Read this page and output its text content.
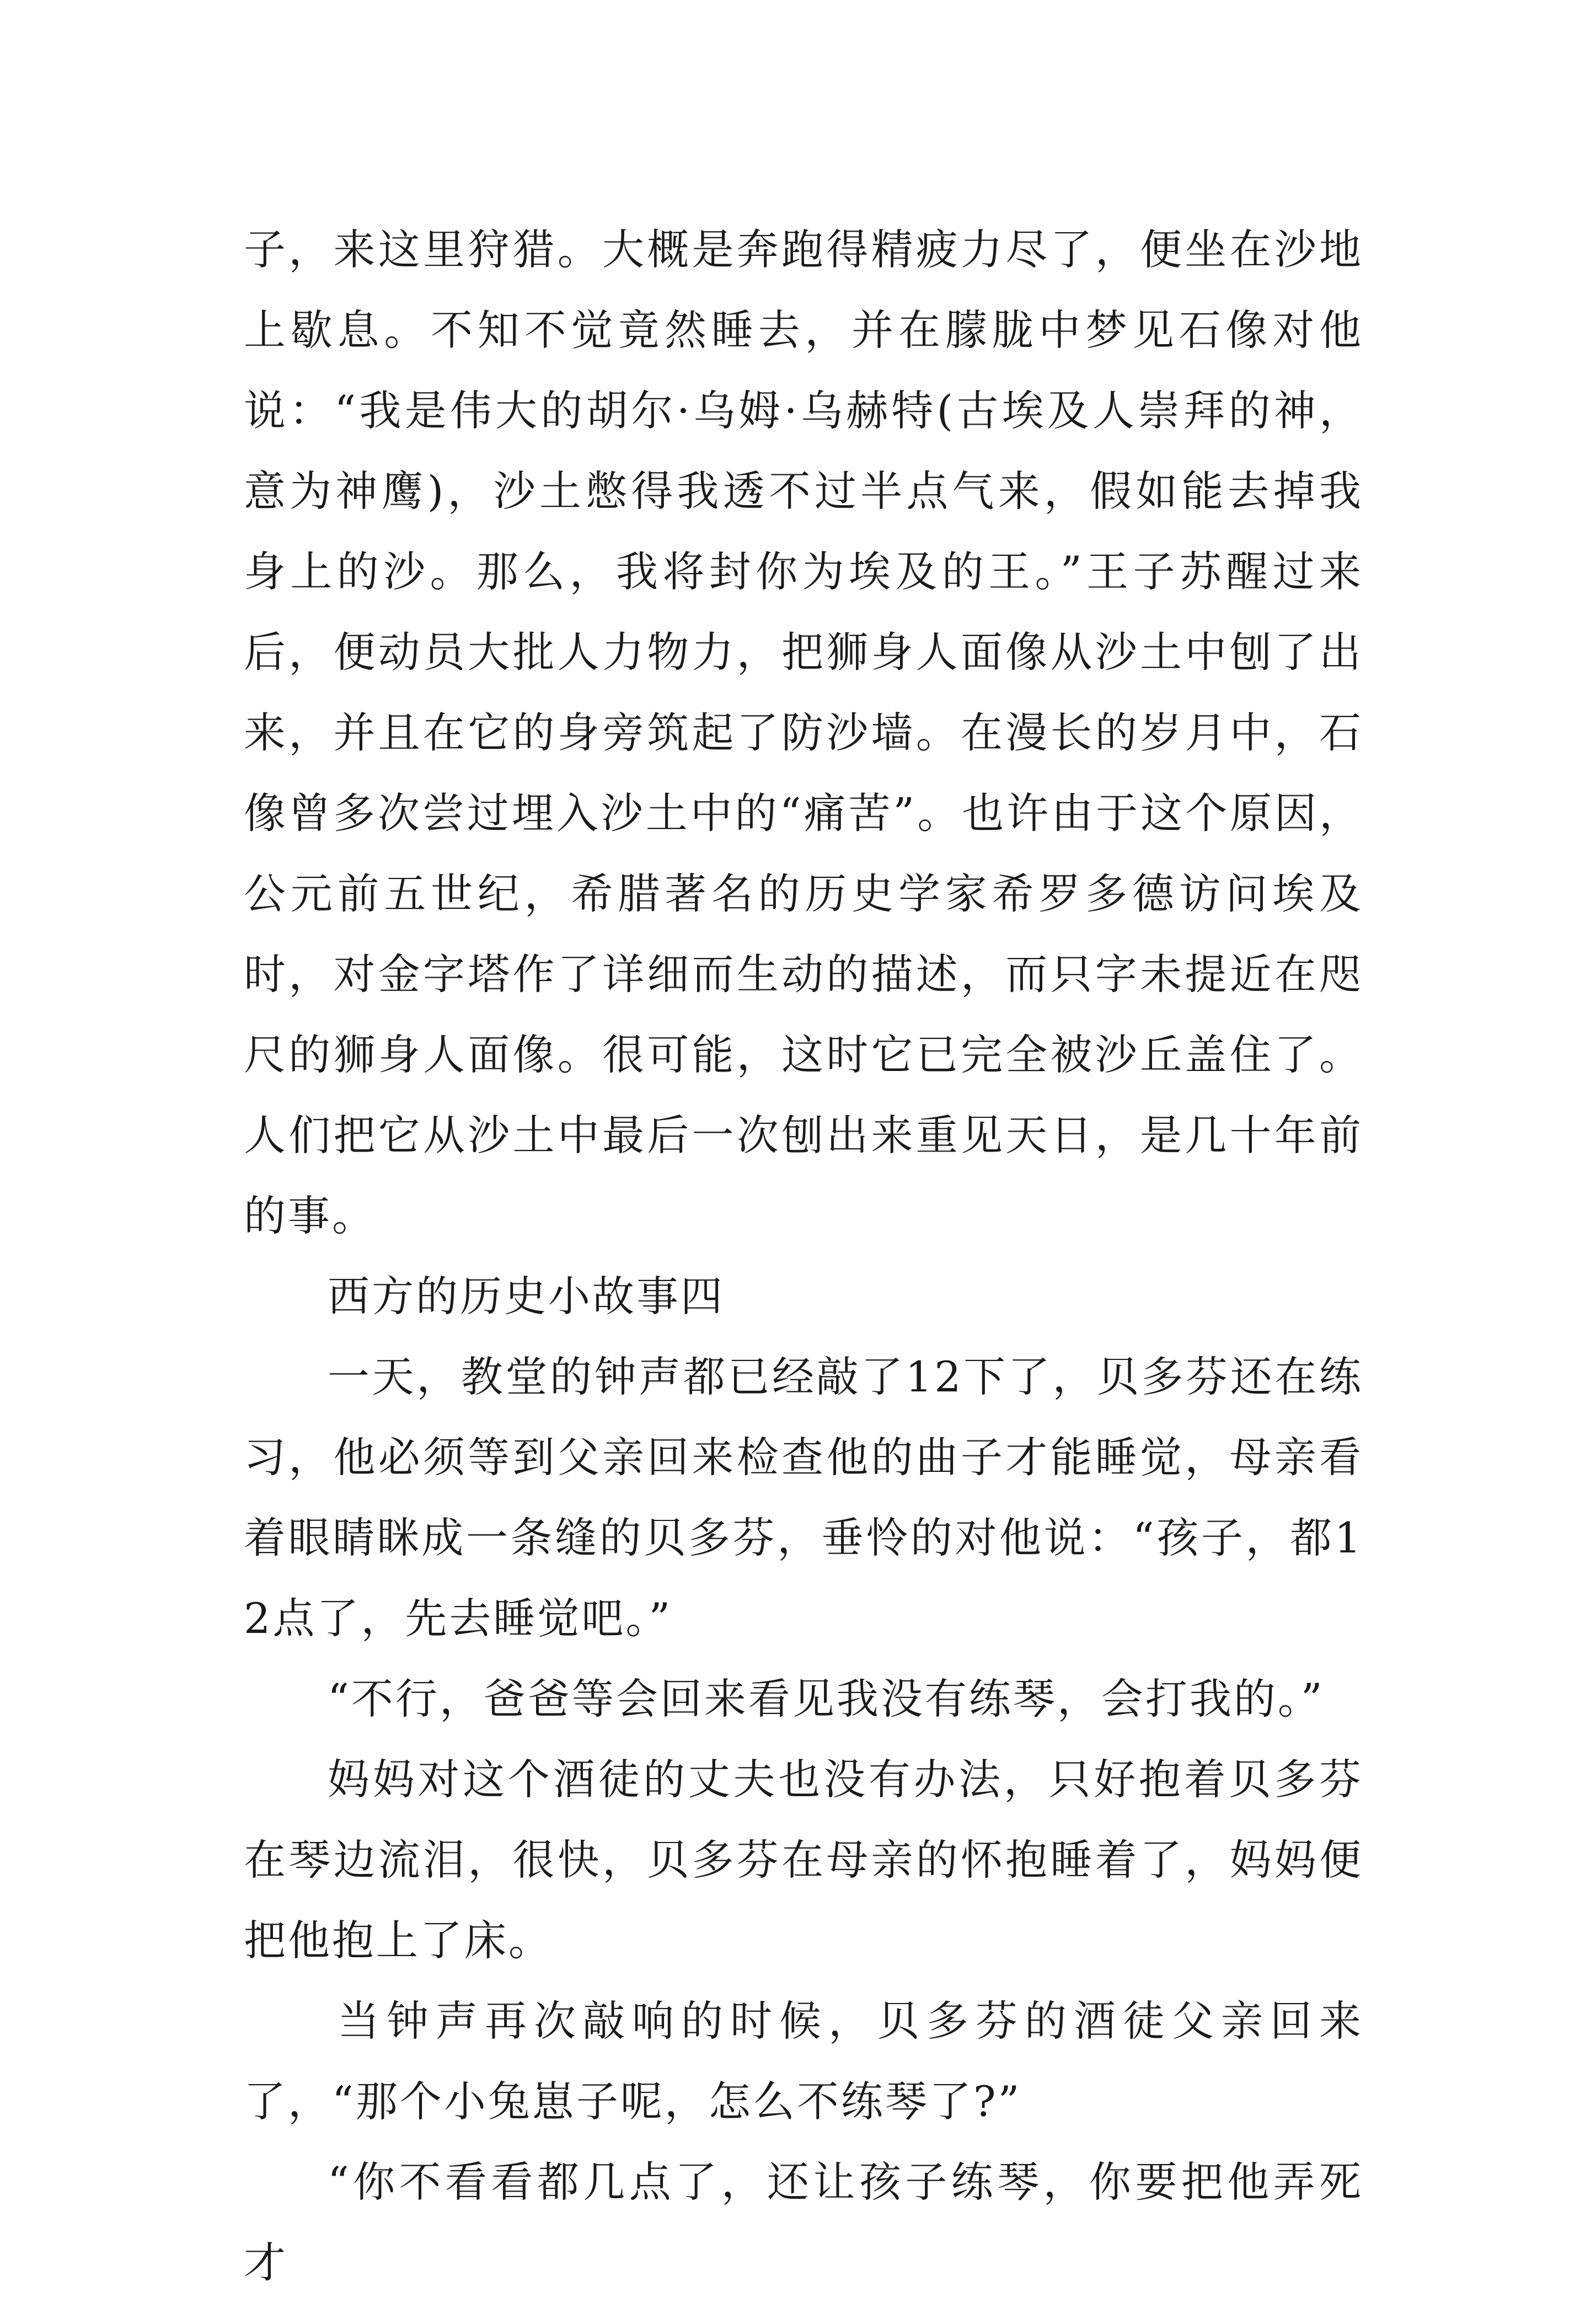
子，来这里狩猎。大概是奔跑得精疲力尽了，便坐在沙地上歇息。不知不觉竟然睡去，并在朦胧中梦见石像对他说：“我是伟大的胡尔·乌姆·乌赫特(古埃及人崇拜的神，意为神鹰)，沙土憋得我透不过半点气来，假如能去掉我身上的沙。那么，我将封你为埃及的王。”王子苏醒过来后，便动员大批人力物力，把狮身人面像从沙土中刨了出来，并且在它的身旁筑起了防沙墙。在漫长的岁月中，石像曾多次尝过埋入沙土中的“痛苦”。也许由于这个原因，公元前五世纪，希腊著名的历史学家希罗多德访问埃及时，对金字塔作了详细而生动的描述，而只字未提近在咫尺的狮身人面像。很可能，这时它已完全被沙丘盖住了。人们把它从沙土中最后一次刨出来重见天日，是几十年前的事。

西方的历史小故事四

一天，教堂的钟声都已经敲了12下了，贝多芬还在练习，他必须等到父亲回来检查他的曲子才能睡觉，母亲看着眼睛眯成一条缝的贝多芬，垂怜的对他说：“孩子，都12点了，先去睡觉吧。”

“不行，爸爸等会回来看见我没有练琴，会打我的。”

妈妈对这个酒徒的丈夫也没有办法，只好抱着贝多芬在琴边流泪，很快，贝多芬在母亲的怀抱睡着了，妈妈便把他抱上了床。

当钟声再次敲响的时候，贝多芬的酒徒父亲回来了，“那个小兔崽子呢，怎么不练琴了?”

“你不看看都几点了，还让孩子练琴，你要把他弄死才
